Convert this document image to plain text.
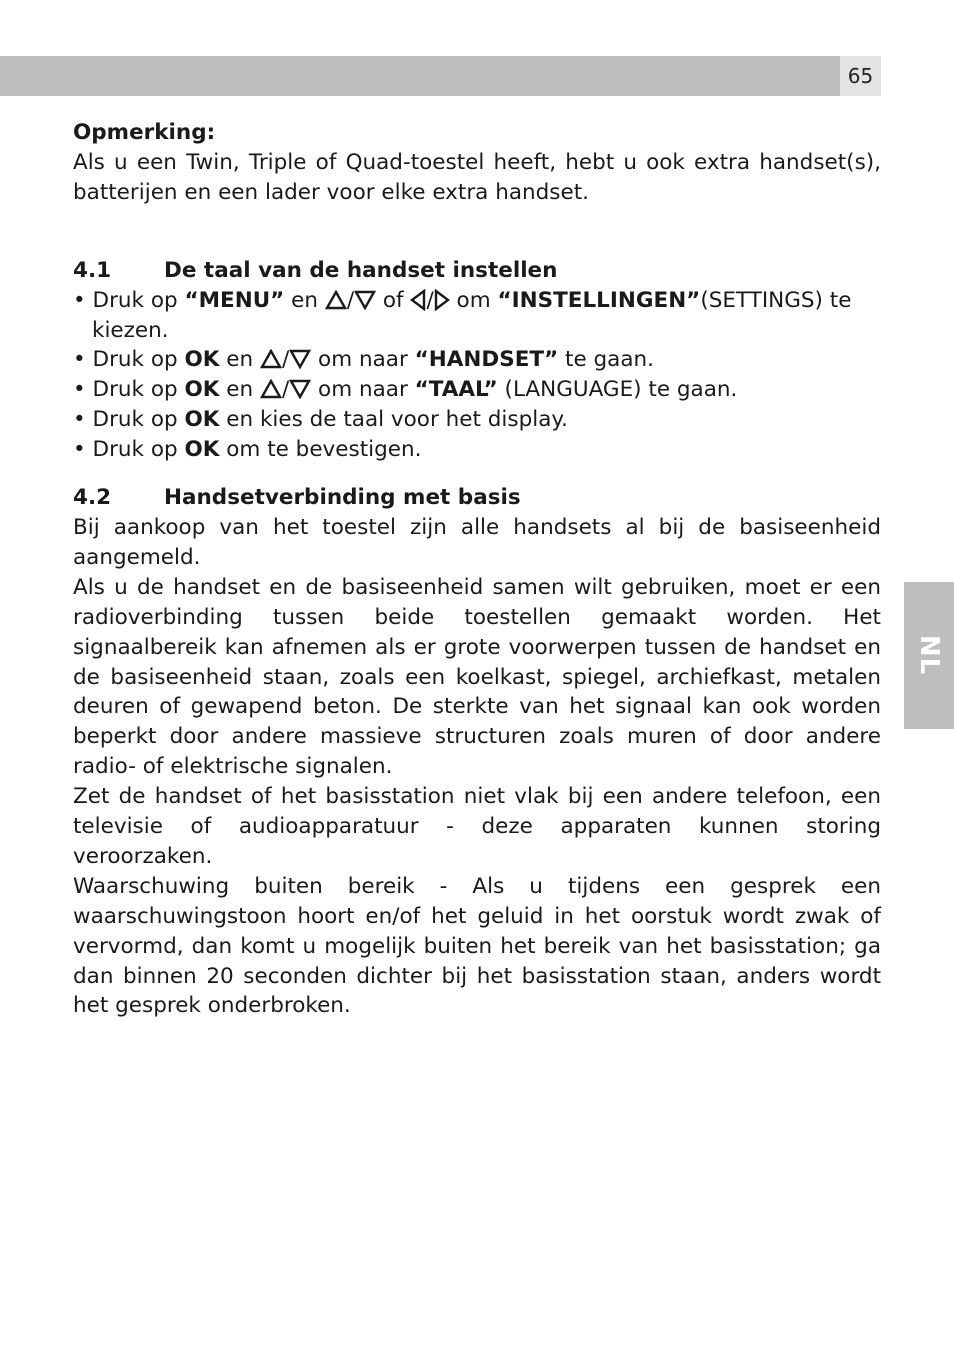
65
NL
Opmerking:
Als u een Twin, Triple of Quad-toestel heeft, hebt u ook extra handset(s), batterijen en een lader voor elke extra handset.
4.1 De taal van de handset instellen
• Druk op “MENU” en / of / om “INSTELLINGEN”(SETTINGS) te kiezen.
• Druk op OK en / om naar “HANDSET” te gaan.
• Druk op OK en / om naar “TAAL” (LANGUAGE) te gaan.
• Druk op OK en kies de taal voor het display.
• Druk op OK om te bevestigen.
4.2 Handsetverbinding met basis

Bij aankoop van het toestel zijn alle handsets al bij de basiseenheid aangemeld.

Als u de handset en de basiseenheid samen wilt gebruiken, moet er een radioverbinding tussen beide toestellen gemaakt worden. Het signaalbereik kan afnemen als er grote voorwerpen tussen de handset en de basiseenheid staan, zoals een koelkast, spiegel, archiefkast, metalen deuren of gewapend beton. De sterkte van het signaal kan ook worden beperkt door andere massieve structuren zoals muren of door andere radio- of elektrische signalen.

Zet de handset of het basisstation niet vlak bij een andere telefoon, een televisie of audioapparatuur - deze apparaten kunnen storing veroorzaken.

Waarschuwing buiten bereik - Als u tijdens een gesprek een waarschuwingstoon hoort en/of het geluid in het oorstuk wordt zwak of vervormd, dan komt u mogelijk buiten het bereik van het basisstation; ga dan binnen 20 seconden dichter bij het basisstation staan, anders wordt het gesprek onderbroken.
